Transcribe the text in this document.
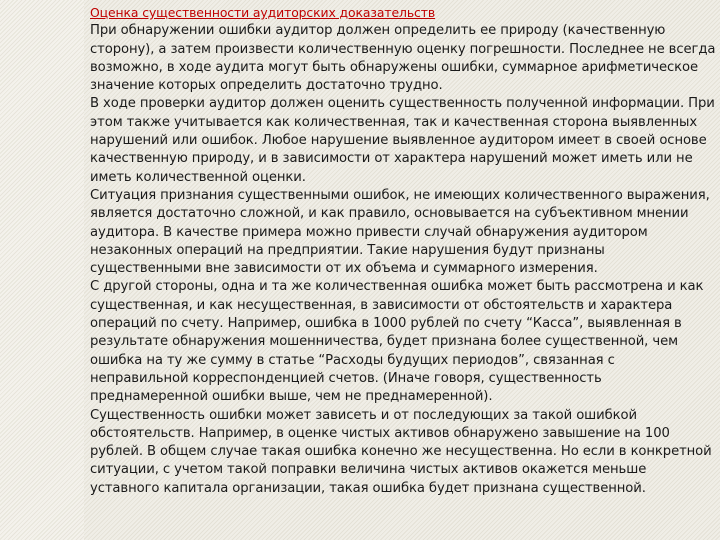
Оценка существенности аудиторских доказательств

При обнаружении ошибки аудитор должен определить ее природу (качественную сторону), а затем произвести количественную оценку погрешности. Последнее не всегда возможно, в ходе аудита могут быть обнаружены ошибки, суммарное арифметическое значение которых определить достаточно трудно.

В ходе проверки аудитор должен оценить существенность полученной информации. При этом также учитывается как количественная, так и качественная сторона выявленных нарушений или ошибок. Любое нарушение выявленное аудитором имеет в своей основе качественную природу, и в зависимости от характера нарушений может иметь или не иметь количественной оценки.

Ситуация признания существенными ошибок, не имеющих количественного выражения, является достаточно сложной, и как правило, основывается на субъективном мнении аудитора. В качестве примера можно привести случай обнаружения аудитором незаконных операций на предприятии. Такие нарушения будут признаны существенными вне зависимости от их объема и суммарного измерения.

С другой стороны, одна и та же количественная ошибка может быть рассмотрена и как существенная, и как несущественная, в зависимости от обстоятельств и характера операций по счету. Например, ошибка в 1000 рублей по счету “Касса”, выявленная в результате обнаружения мошенничества, будет признана более существенной, чем ошибка на ту же сумму в статье “Расходы будущих периодов”, связанная с неправильной корреспонденцией счетов. (Иначе говоря, существенность преднамеренной ошибки выше, чем не преднамеренной).

Существенность ошибки может зависеть и от последующих за такой ошибкой обстоятельств. Например, в оценке чистых активов обнаружено завышение на 100 рублей. В общем случае такая ошибка конечно же несущественна. Но если в конкретной ситуации, с учетом такой поправки величина чистых активов окажется меньше уставного капитала организации, такая ошибка будет признана существенной.
